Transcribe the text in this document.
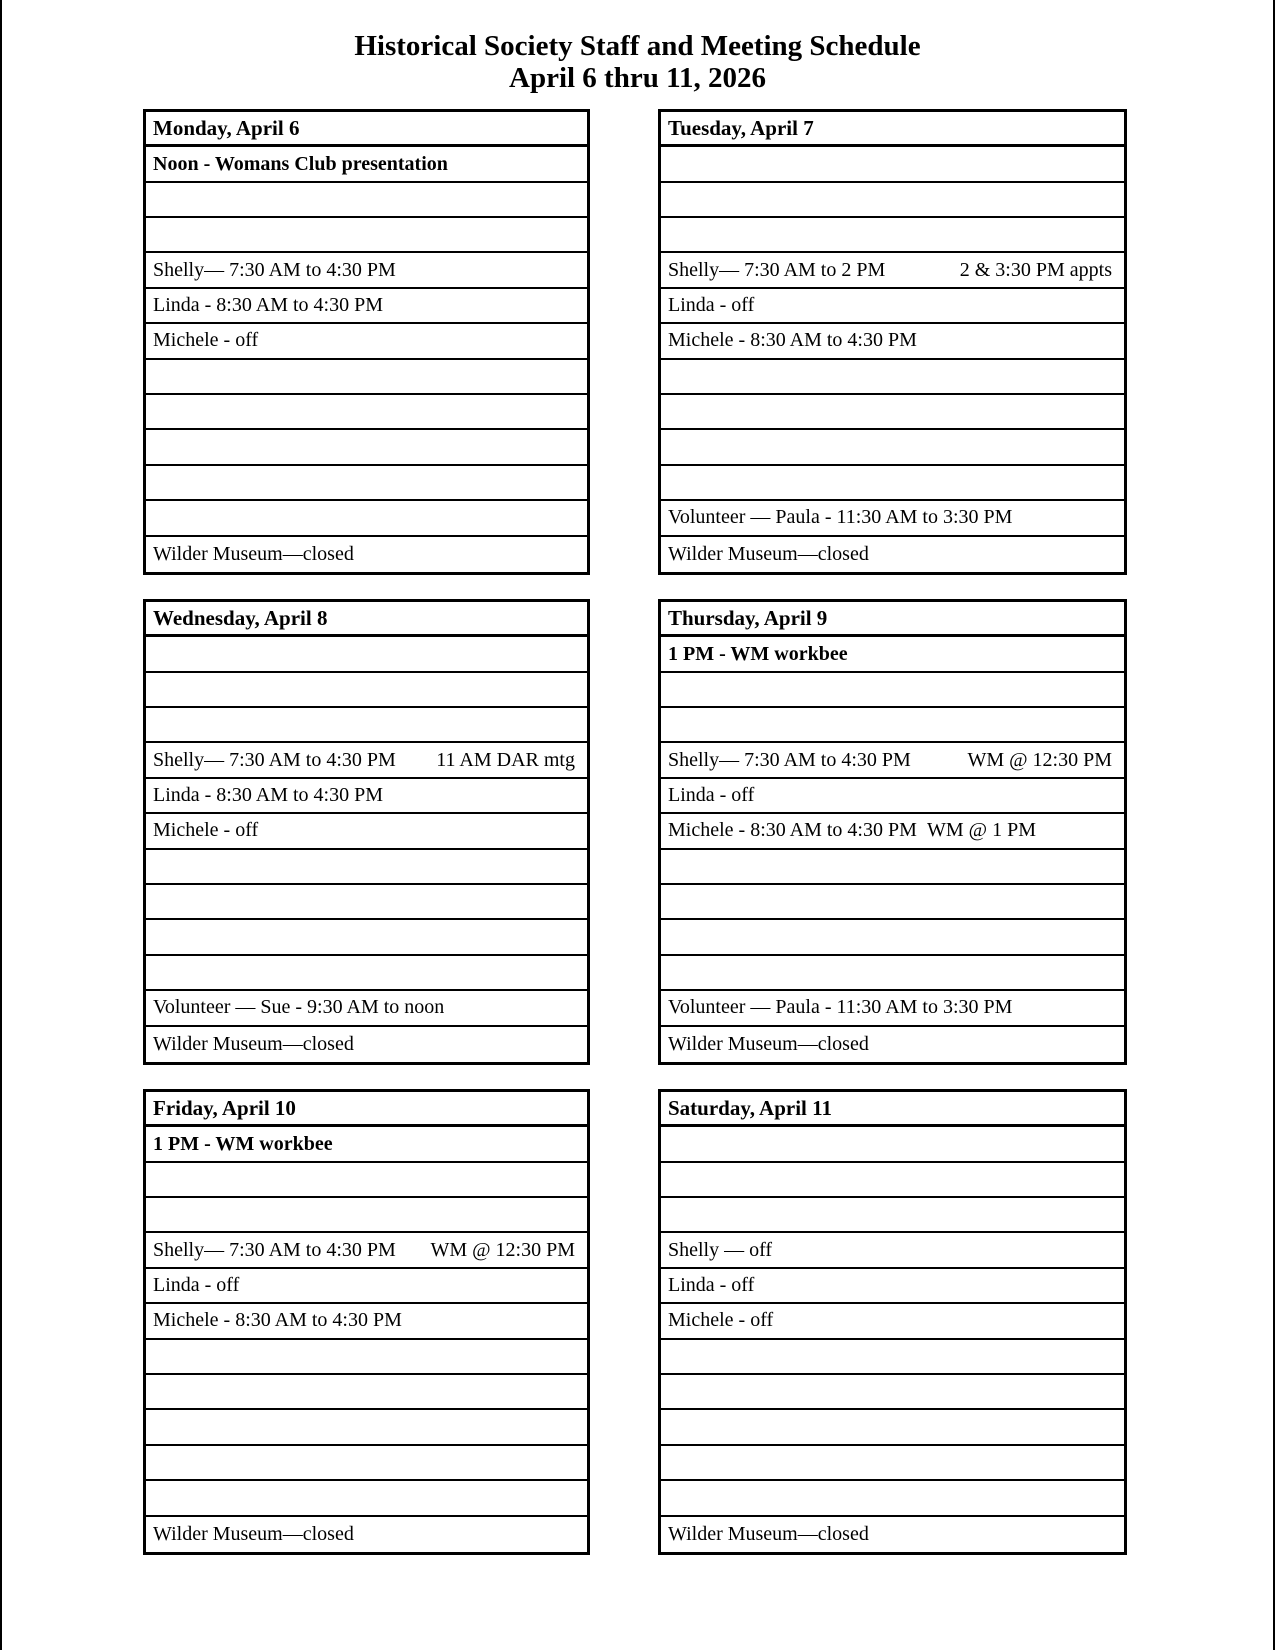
Historical Society Staff and Meeting Schedule
April 6 thru 11, 2026
Monday, April 6
Noon - Womans Club presentation
Shelly— 7:30 AM to 4:30 PM
Linda - 8:30 AM to 4:30 PM
Michele - off
Wilder Museum—closed
Tuesday, April 7
Shelly— 7:30 AM to 2 PM	2 & 3:30 PM appts
Linda - off
Michele - 8:30 AM to 4:30 PM
Volunteer — Paula - 11:30 AM to 3:30 PM
Wilder Museum—closed
Wednesday, April 8
Shelly— 7:30 AM to 4:30 PM 11 AM DAR mtg
Linda - 8:30 AM to 4:30 PM
Michele - off
Volunteer — Sue - 9:30 AM to noon
Wilder Museum—closed
Thursday, April 9
1 PM - WM workbee
Shelly— 7:30 AM to 4:30 PM	WM @ 12:30 PM
Linda - off
Michele - 8:30 AM to 4:30 PM WM @ 1 PM
Volunteer — Paula - 11:30 AM to 3:30 PM
Wilder Museum—closed
Friday, April 10
1 PM - WM workbee
Shelly— 7:30 AM to 4:30 PM WM @ 12:30 PM
Linda - off
Michele - 8:30 AM to 4:30 PM
Wilder Museum—closed
Saturday, April 11
Shelly — off
Linda - off
Michele - off
Wilder Museum—closed
